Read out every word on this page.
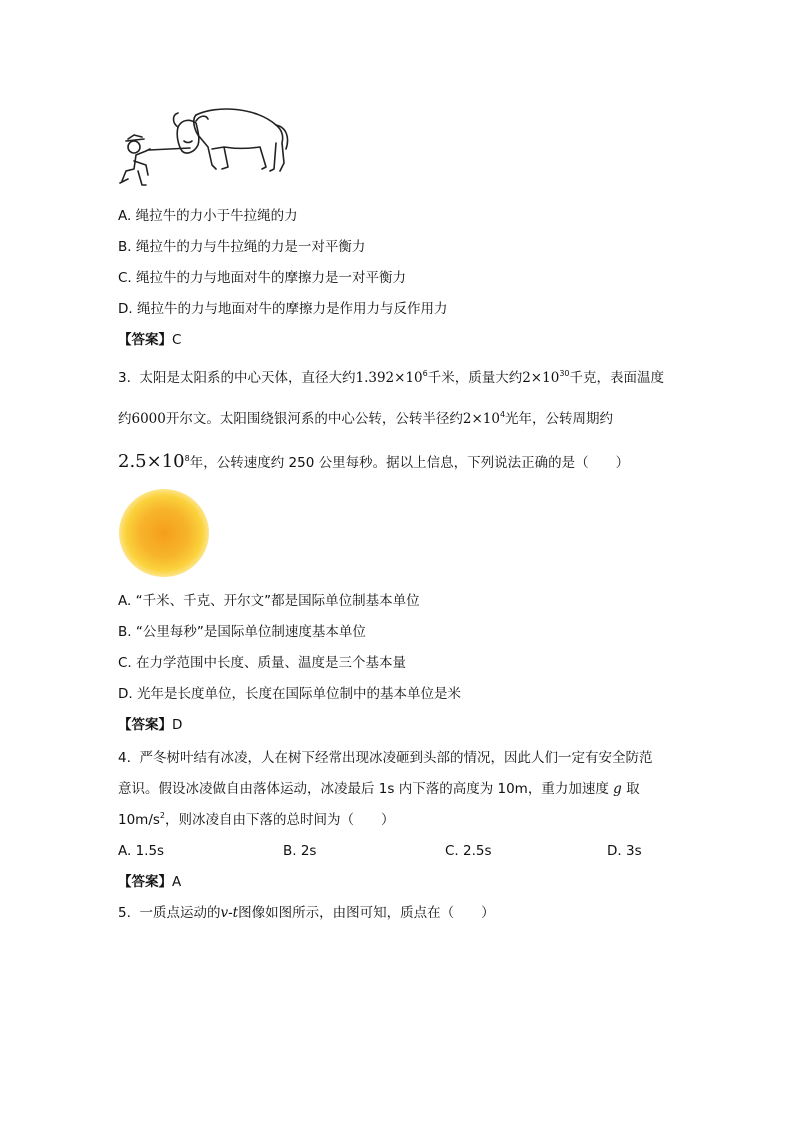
A. 绳拉牛的力小于牛拉绳的力
B. 绳拉牛的力与牛拉绳的力是一对平衡力
C. 绳拉牛的力与地面对牛的摩擦力是一对平衡力
D. 绳拉牛的力与地面对牛的摩擦力是作用力与反作用力
【答案】C
3. 太阳是太阳系的中心天体，直径大约$1.392\times 10^6$千米，质量大约$2\times 10^{30}$千克，表面温度
约6000开尔文。太阳围绕银河系的中心公转，公转半径约$2\times 10^4$光年，公转周期约
$2.5\times 10^8$年，公转速度约 250 公里每秒。据以上信息，下列说法正确的是（　　）
A. “千米、千克、开尔文”都是国际单位制基本单位
B. “公里每秒”是国际单位制速度基本单位
C. 在力学范围中长度、质量、温度是三个基本量
D. 光年是长度单位，长度在国际单位制中的基本单位是米
【答案】D
4. 严冬树叶结有冰凌，人在树下经常出现冰凌砸到头部的情况，因此人们一定有安全防范
意识。假设冰凌做自由落体运动，冰凌最后 1s 内下落的高度为 10m，重力加速度 g 取
$10m/s^2$，则冰凌自由下落的总时间为（　　）
A. 1.5s	B. 2s	C. 2.5s	D. 3s
【答案】A
5. 一质点运动的v-t图像如图所示，由图可知，质点在（　　）
